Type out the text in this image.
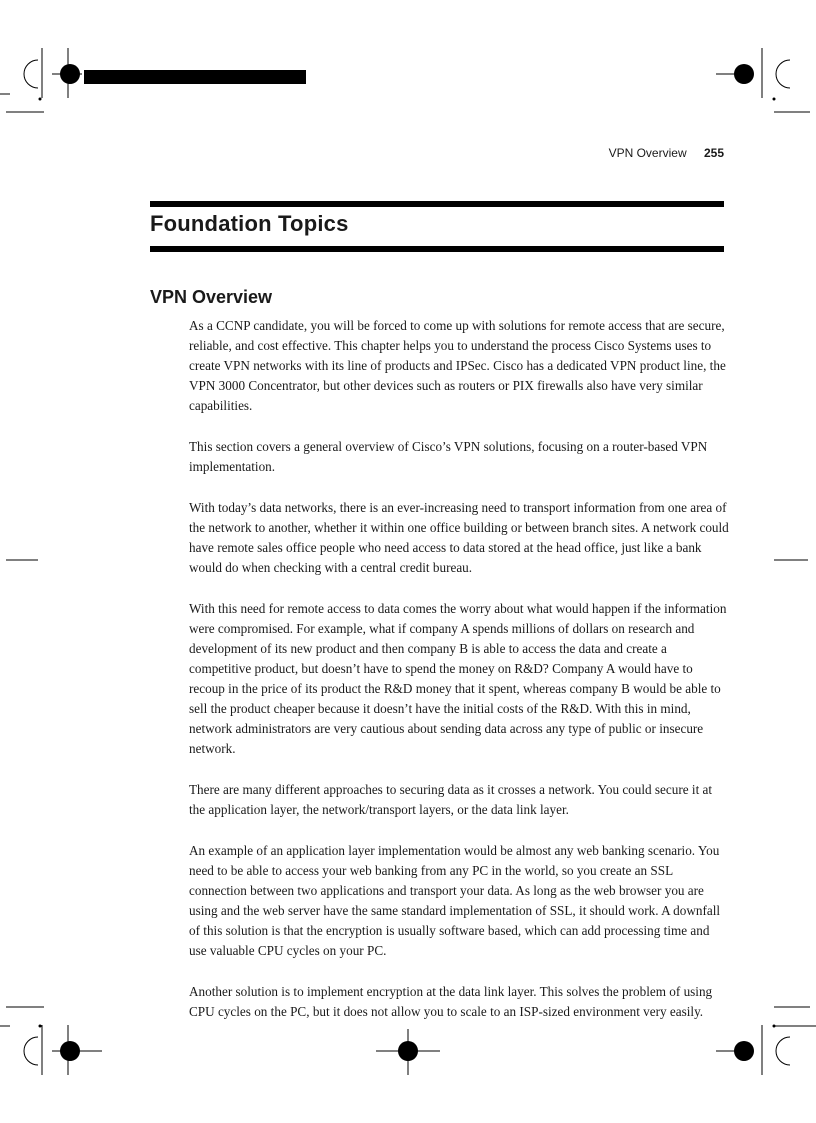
VPN Overview 255
Foundation Topics
VPN Overview

As a CCNP candidate, you will be forced to come up with solutions for remote access that are secure, reliable, and cost effective. This chapter helps you to understand the process Cisco Systems uses to create VPN networks with its line of products and IPSec. Cisco has a dedicated VPN product line, the VPN 3000 Concentrator, but other devices such as routers or PIX firewalls also have very similar capabilities.

This section covers a general overview of Cisco’s VPN solutions, focusing on a router-based VPN implementation.

With today’s data networks, there is an ever-increasing need to transport information from one area of the network to another, whether it within one office building or between branch sites. A network could have remote sales office people who need access to data stored at the head office, just like a bank would do when checking with a central credit bureau.

With this need for remote access to data comes the worry about what would happen if the information were compromised. For example, what if company A spends millions of dollars on research and development of its new product and then company B is able to access the data and create a competitive product, but doesn’t have to spend the money on R&D? Company A would have to recoup in the price of its product the R&D money that it spent, whereas company B would be able to sell the product cheaper because it doesn’t have the initial costs of the R&D. With this in mind, network administrators are very cautious about sending data across any type of public or insecure network.

There are many different approaches to securing data as it crosses a network. You could secure it at the application layer, the network/transport layers, or the data link layer.

An example of an application layer implementation would be almost any web banking scenario. You need to be able to access your web banking from any PC in the world, so you create an SSL connection between two applications and transport your data. As long as the web browser you are using and the web server have the same standard implementation of SSL, it should work. A downfall of this solution is that the encryption is usually software based, which can add processing time and use valuable CPU cycles on your PC.

Another solution is to implement encryption at the data link layer. This solves the problem of using CPU cycles on the PC, but it does not allow you to scale to an ISP-sized environment very easily.
